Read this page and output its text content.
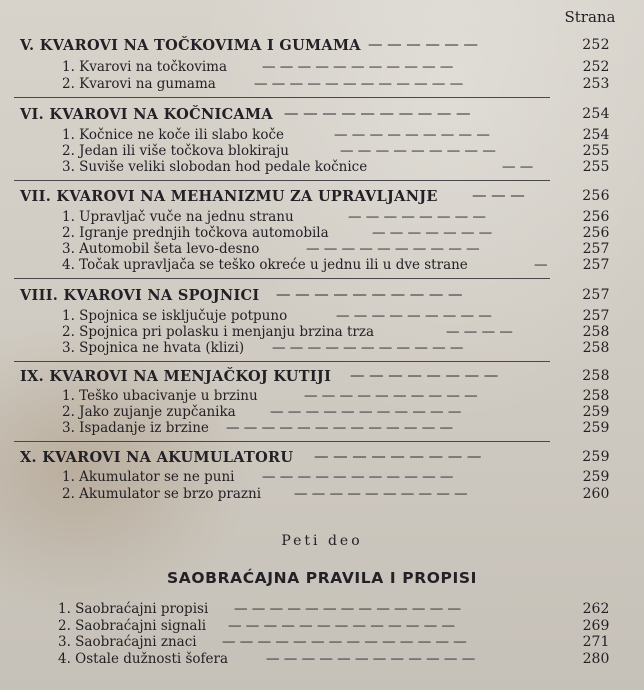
Strana
V. KVAROVI NA TOČKOVIMA I GUMAMA — — — — — —	252
1. Kvarovi na točkovima	— — — — — — — — — — —	252
2. Kvarovi na gumama	— — — — — — — — — — — —	253
VI. KVAROVI NA KOČNICAMA — — — — — — — — — —	254
1. Kočnice ne koče ili slabo koče	— — — — — — — — —	254
2. Jedan ili više točkova blokiraju	— — — — — — — — —	255
3. Suviše veliki slobodan hod pedale kočnice	— —	255
VII. KVAROVI NA MEHANIZMU ZA UPRAVLJANJE — — —	256
1. Upravljač vuče na jednu stranu	— — — — — — — —	256
2. Igranje prednjih točkova automobila	— — — — — — —	256
3. Automobil šeta levo-desno	— — — — — — — — — —	257
4. Točak upravljača se teško okreće u jednu ili u dve strane	—	257
VIII. KVAROVI NA SPOJNICI — — — — — — — — — —	257
1. Spojnica se isključuje potpuno	— — — — — — — — —	257
2. Spojnica pri polasku i menjanju brzina trza	— — — —	258
3. Spojnica ne hvata (klizi) — — — — — — — — — — —	258
IX. KVAROVI NA MENJAČKOJ KUTIJI — — — — — — — —	258
1. Teško ubacivanje u brzinu	— — — — — — — — — —	258
2. Jako zujanje zupčanika	— — — — — — — — — — —	259
3. Ispadanje iz brzine — — — — — — — — — — — — —	259
X. KVAROVI NA AKUMULATORU — — — — — — — — —	259
1. Akumulator se ne puni — — — — — — — — — — —	259
2. Akumulator se brzo prazni — — — — — — — — — —	260
Peti deo
SAOBRAĆAJNA PRAVILA I PROPISI
1. Saobraćajni propisi — — — — — — — — — — — — —	262
2. Saobraćajni signali — — — — — — — — — — — — —	269
3. Saobraćajni znaci — — — — — — — — — — — — — —	271
4. Ostale dužnosti šofera	— — — — — — — — — — — —	280
